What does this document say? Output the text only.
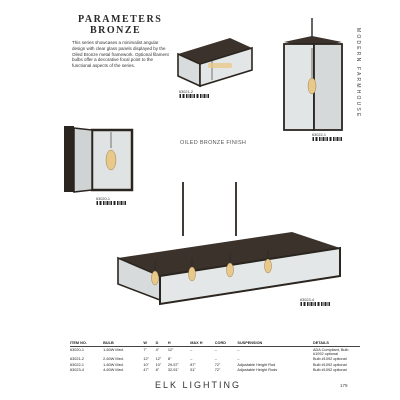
PARAMETERS
BRONZE
This series showcases a minimalist angular design with clear glass panels displayed by the Oiled Bronze metal framework. Optional filament bulbs offer a decorative focal point to the functional aspects of the series.	MODERN FARMHOUSE
63021-2
63022-1
63020-1
63023-4
OILED BRONZE FINISH
ITEM NO.	BULB	W	D	H	MAX H	CORD	SUSPENSION	DETAILS
63020-1	1-60W Med.	7"	4"	12"	–	–	–	ADA Compliant, Bulb #1092 optional
63021-2	2-60W Med.	12"	12"	8"	–	–	–	Bulb #1092 optional
63022-1	1-60W Med.	10"	10"	29-57"	87"	72"	Adjustable Height Rod	Bulb #1092 optional
63023-4	4-60W Med.	47"	8"	32-51"	51"	72"	Adjustable Height Rods	Bulb #1092 optional
ELK LIGHTING	179
